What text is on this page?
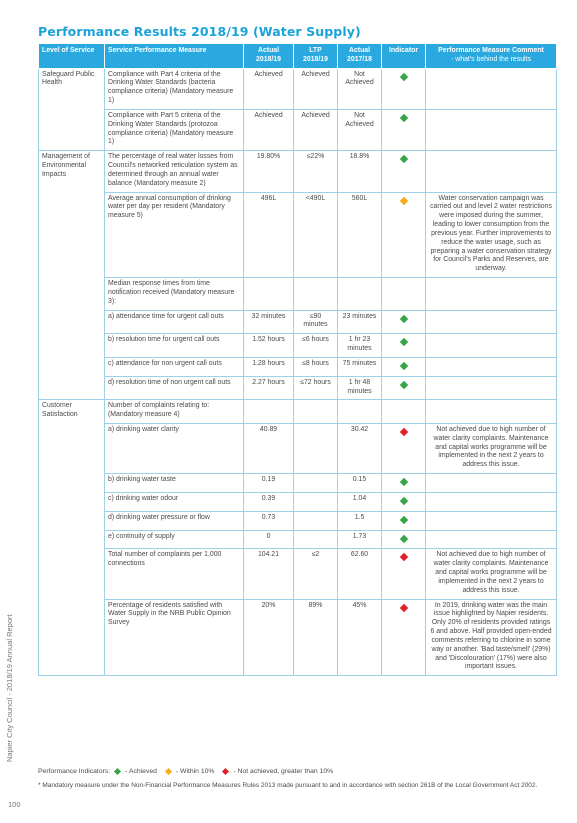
Performance Results 2018/19 (Water Supply)
Level of Service	Service Performance Measure	Actual 2018/19	LTP 2018/19	Actual 2017/18	Indicator	Performance Measure Comment
- what's behind the results
Safeguard Public Health	Compliance with Part 4 criteria of the Drinking Water Standards (bacteria compliance criteria) (Mandatory measure 1)	Achieved	Achieved	Not Achieved		
	Compliance with Part 5 criteria of the Drinking Water Standards (protozoa compliance criteria) (Mandatory measure 1)	Achieved	Achieved	Not Achieved		
Management of Environmental Impacts	The percentage of real water losses from Council's networked reticulation system as determined through an annual water balance (Mandatory measure 2)	19.80%	≤22%	18.8%		
	Average annual consumption of drinking water per day per resident (Mandatory measure 5)	496L	<490L	560L		Water conservation campaign was carried out and level 2 water restrictions were imposed during the summer, leading to lower consumption from the previous year. Further improvements to reduce the water usage, such as preparing a water conservation strategy for Council's Parks and Reserves, are underway.
	Median response times from time notification received (Mandatory measure 3):					
	a) attendance time for urgent call outs	32 minutes	≤90 minutes	23 minutes		
	b) resolution time for urgent call outs	1.52 hours	≤6 hours	1 hr 23 minutes		
	c) attendance for non urgent call outs	1.28 hours	≤8 hours	75 minutes		
	d) resolution time of non urgent call outs	2.27 hours	≤72 hours	1 hr 48 minutes		
Customer Satisfaction	Number of complaints relating to: (Mandatory measure 4)					
	a) drinking water clarity	40.89		30.42		Not achieved due to high number of water clarity complaints. Maintenance and capital works programme will be implemented in the next 2 years to address this issue.
	b) drinking water taste	0.19		0.15		
	c) drinking water odour	0.39		1.04		
	d) drinking water pressure or flow	0.73		1.5		
	e) continuity of supply	0		1.73		
	Total number of complaints per 1,000 connections	104.21	≤2	62.60		Not achieved due to high number of water clarity complaints. Maintenance and capital works programme will be implemented in the next 2 years to address this issue.
	Percentage of residents satisfied with Water Supply in the NRB Public Opinion Survey	20%	89%	45%		In 2019, drinking water was the main issue highlighted by Napier residents. Only 20% of residents provided ratings 6 and above. Half provided open-ended comments referring to chlorine in some way or another. 'Bad taste/smell' (29%) and 'Discolouration' (17%) were also important issues.
Performance Indicators: - Achieved	- Within 10%	- Not achieved, greater than 10%
* Mandatory measure under the Non-Financial Performance Measures Rules 2013 made pursuant to and in accordance with section 261B of the Local Government Act 2002.
Napier City Council - 2018/19 Annual Report
100
